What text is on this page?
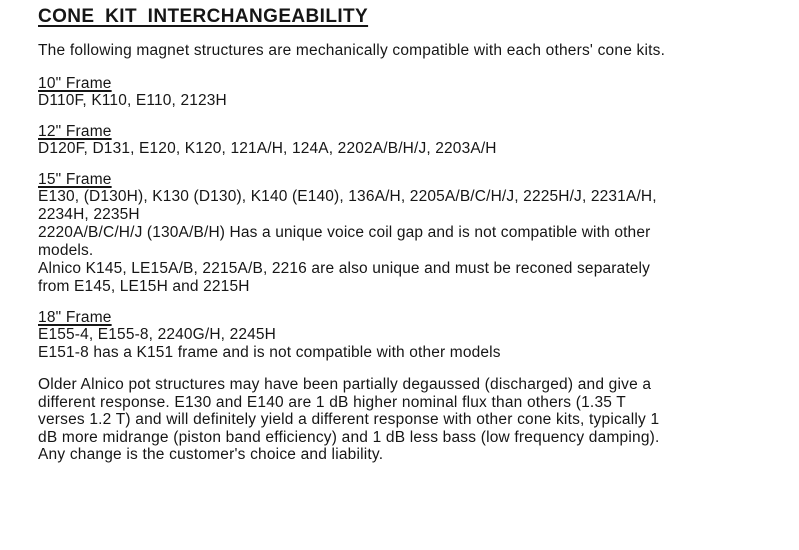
CONE KIT INTERCHANGEABILITY
The following magnet structures are mechanically compatible with each others' cone kits.
10" Frame
D110F, K110, E110, 2123H
12" Frame
D120F, D131, E120, K120, 121A/H, 124A, 2202A/B/H/J, 2203A/H
15" Frame
E130, (D130H), K130 (D130), K140 (E140), 136A/H, 2205A/B/C/H/J, 2225H/J, 2231A/H,
2234H, 2235H
2220A/B/C/H/J (130A/B/H) Has a unique voice coil gap and is not compatible with other
models.
Alnico K145, LE15A/B, 2215A/B, 2216 are also unique and must be reconed separately
from E145, LE15H and 2215H
18" Frame
E155-4, E155-8, 2240G/H, 2245H
E151-8 has a K151 frame and is not compatible with other models

Older Alnico pot structures may have been partially degaussed (discharged) and give a

different response. E130 and E140 are 1 dB higher nominal flux than others (1.35 T

verses 1.2 T) and will definitely yield a different response with other cone kits, typically 1

dB more midrange (piston band efficiency) and 1 dB less bass (low frequency damping).

Any change is the customer's choice and liability.
